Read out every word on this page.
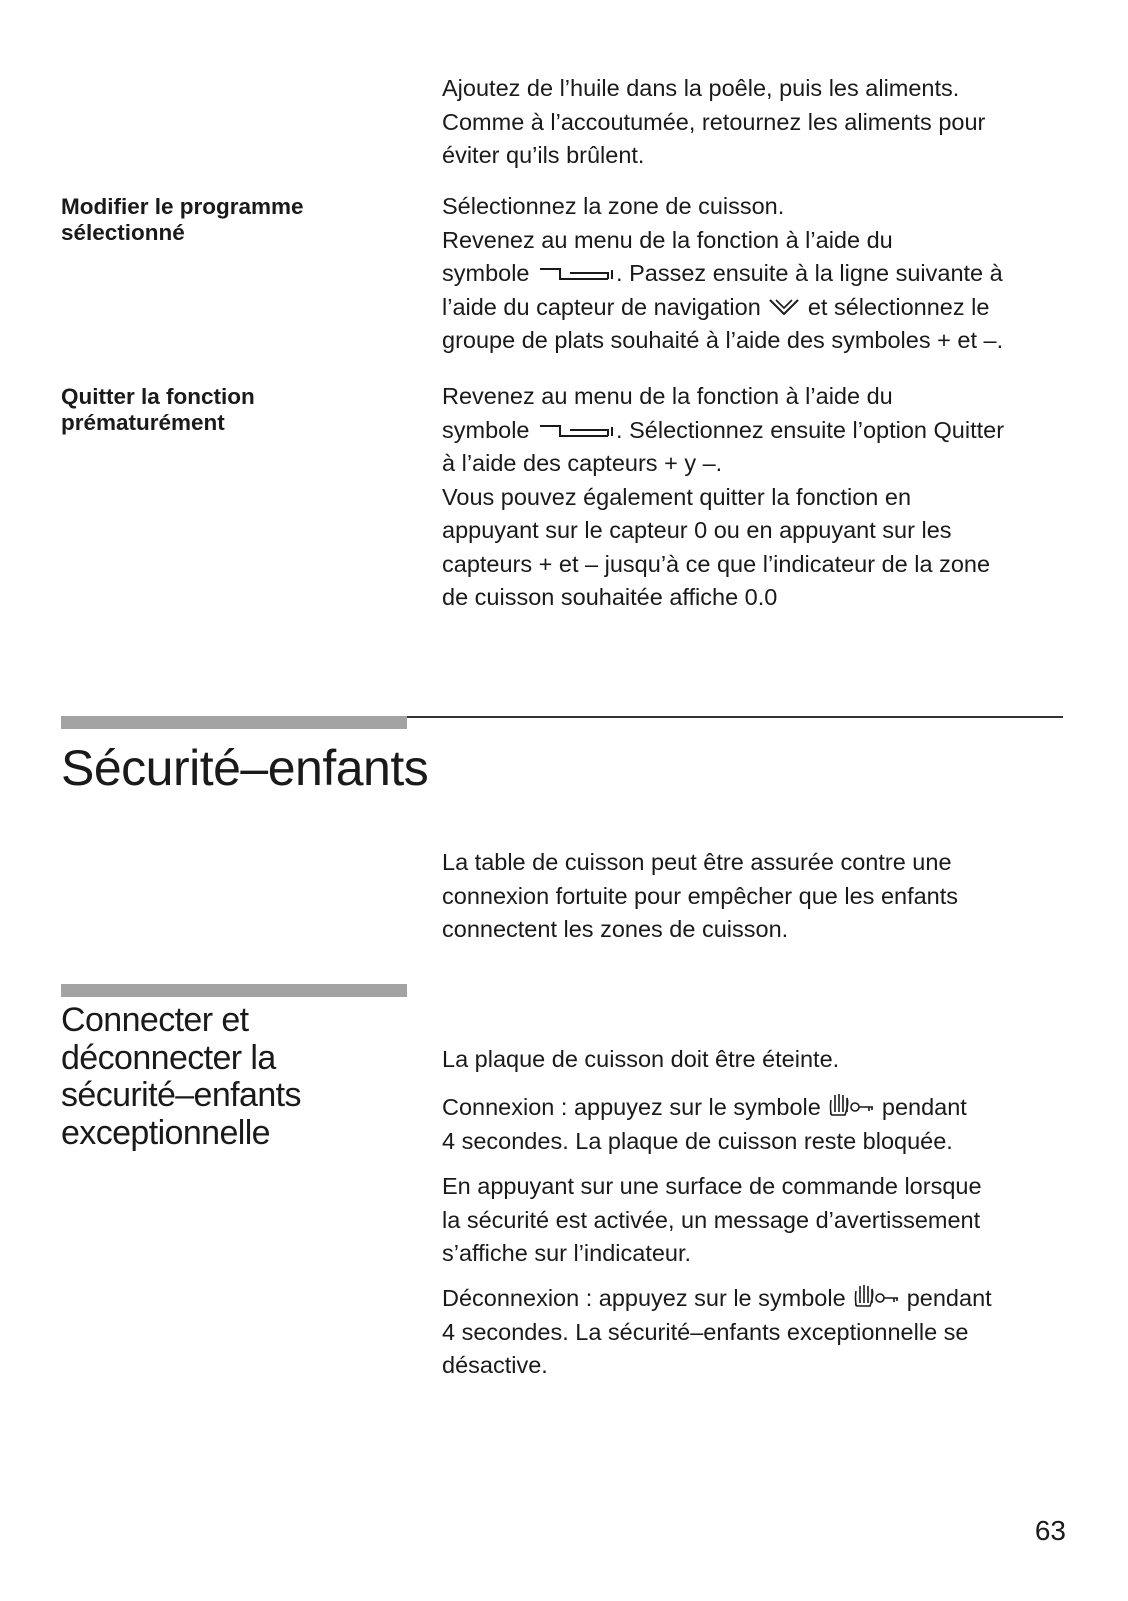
Ajoutez de l’huile dans la poêle, puis les aliments.
Comme à l’accoutumée, retournez les aliments pour
éviter qu’ils brûlent.

Modifier le programme
sélectionné

Sélectionnez la zone de cuisson.
Revenez au menu de la fonction à l’aide du
symbole	. Passez ensuite à la ligne suivante à
l’aide du capteur de navigation et sélectionnez le
groupe de plats souhaité à l’aide des symboles + et –.

Quitter la fonction
prématurément

Revenez au menu de la fonction à l’aide du
symbole	. Sélectionnez ensuite l’option Quitter
à l’aide des capteurs + y –.
Vous pouvez également quitter la fonction en
appuyant sur le capteur 0 ou en appuyant sur les
capteurs + et – jusqu’à ce que l’indicateur de la zone
de cuisson souhaitée affiche 0.0

Sécurité–enfants

La table de cuisson peut être assurée contre une
connexion fortuite pour empêcher que les enfants
connectent les zones de cuisson.

Connecter et
déconnecter la
sécurité–enfants
exceptionnelle

La plaque de cuisson doit être éteinte.

Connexion : appuyez sur le symbole	pendant
4 secondes. La plaque de cuisson reste bloquée.

En appuyant sur une surface de commande lorsque
la sécurité est activée, un message d’avertissement
s’affiche sur l’indicateur.

Déconnexion : appuyez sur le symbole	pendant
4 secondes. La sécurité–enfants exceptionnelle se
désactive.

63
